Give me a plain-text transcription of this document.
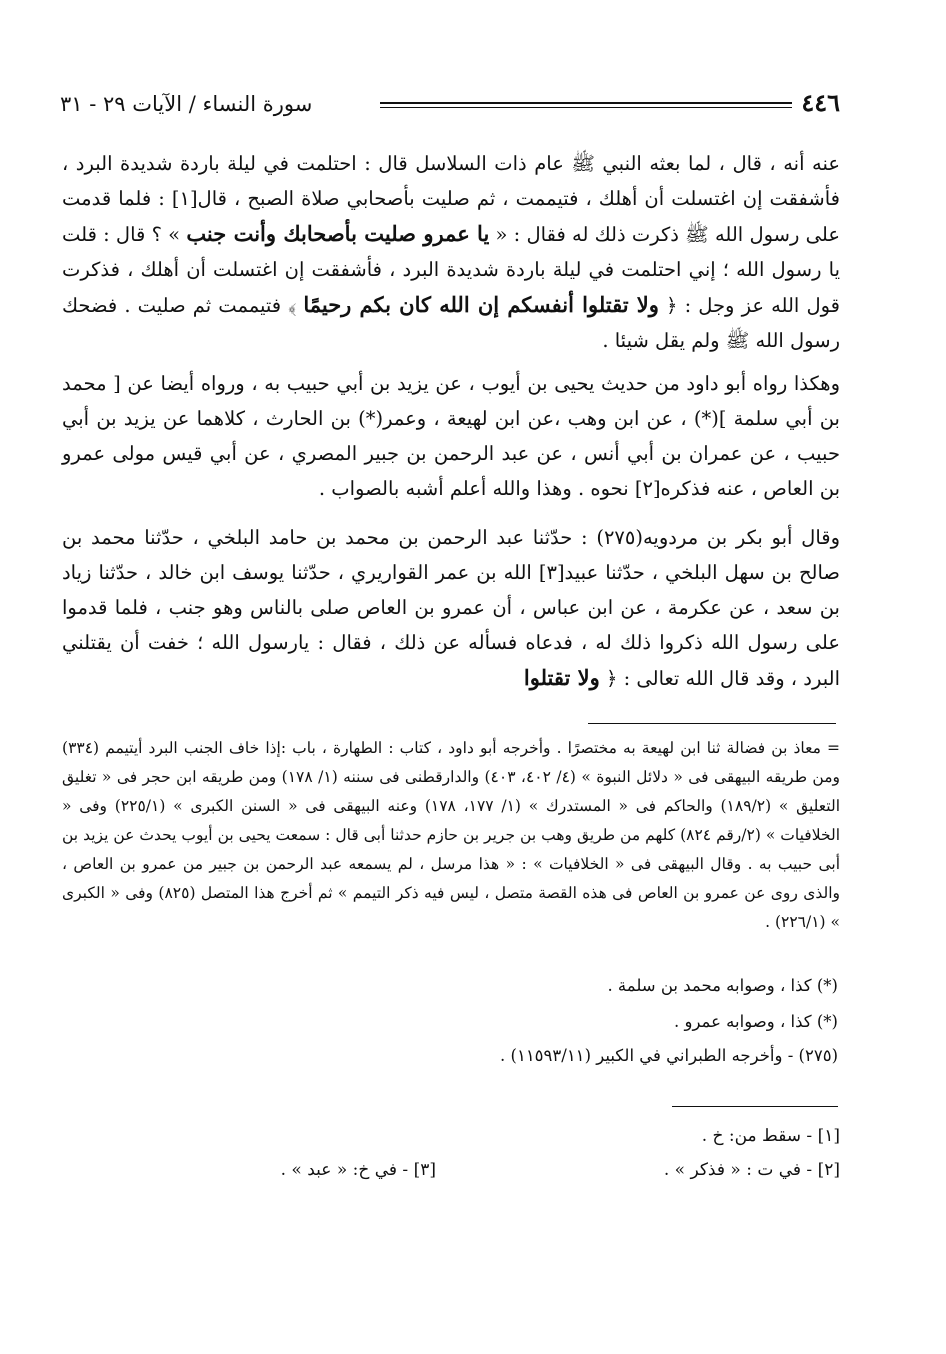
٤٤٦
سورة النساء / الآيات ٢٩ - ٣١

عنه أنه ، قال ، لما بعثه النبي ﷺ عام ذات السلاسل قال : احتلمت في ليلة باردة شديدة البرد ، فأشفقت إن اغتسلت أن أهلك ، فتيممت ، ثم صليت بأصحابي صلاة الصبح ، قال[١] : فلما قدمت على رسول الله ﷺ ذكرت ذلك له فقال : « يا عمرو صليت بأصحابك وأنت جنب » ؟ قال : قلت يا رسول الله ؛ إني احتلمت في ليلة باردة شديدة البرد ، فأشفقت إن اغتسلت أن أهلك ، فذكرت قول الله عز وجل : ﴿ ولا تقتلوا أنفسكم إن الله كان بكم رحيمًا ﴾ فتيممت ثم صليت . فضحك رسول الله ﷺ ولم يقل شيئا .

وهكذا رواه أبو داود من حديث يحيى بن أيوب ، عن يزيد بن أبي حبيب به ، ورواه أيضا عن [ محمد بن أبي سلمة ](*) ، عن ابن وهب ،عن ابن لهيعة ، وعمر(*) بن الحارث ، كلاهما عن يزيد بن أبي حبيب ، عن عمران بن أبي أنس ، عن عبد الرحمن بن جبير المصري ، عن أبي قيس مولى عمرو بن العاص ، عنه فذكره[٢] نحوه . وهذا والله أعلم أشبه بالصواب .

وقال أبو بكر بن مردويه(٢٧٥) : حدّثنا عبد الرحمن بن محمد بن حامد البلخي ، حدّثنا محمد بن صالح بن سهل البلخي ، حدّثنا عبيد[٣] الله بن عمر القواريري ، حدّثنا يوسف ابن خالد ، حدّثنا زياد بن سعد ، عن عكرمة ، عن ابن عباس ، أن عمرو بن العاص صلى بالناس وهو جنب ، فلما قدموا على رسول الله ذكروا ذلك له ، فدعاه فسأله عن ذلك ، فقال : يارسول الله ؛ خفت أن يقتلني البرد ، وقد قال الله تعالى : ﴿ ولا تقتلوا

= معاذ بن فضالة ثنا ابن لهيعة به مختصرًا . وأخرجه أبو داود ، كتاب : الطهارة ، باب :إذا خاف الجنب البرد أيتيمم (٣٣٤) ومن طريقه البيهقى فى « دلائل النبوة » (٤/ ٤٠٢، ٤٠٣) والدارقطنى فى سننه (١/ ١٧٨) ومن طريقه ابن حجر فى « تغليق التعليق » (١٨٩/٢) والحاكم فى « المستدرك » (١/ ١٧٧، ١٧٨) وعنه البيهقى فى « السنن الكبرى » (٢٢٥/١) وفى « الخلافيات » (٢/رقم ٨٢٤) كلهم من طريق وهب بن جرير بن حازم حدثنا أبى قال : سمعت يحيى بن أيوب يحدث عن يزيد بن أبى حبيب به . وقال البيهقى فى « الخلافيات » : « هذا مرسل ، لم يسمعه عبد الرحمن بن جبير من عمرو بن العاص ، والذى روى عن عمرو بن العاص فى هذه القصة متصل ، ليس فيه ذكر التيمم » ثم أخرج هذا المتصل (٨٢٥) وفى « الكبرى » (٢٢٦/١) .
(*) كذا ، وصوابه محمد بن سلمة .
(*) كذا ، وصوابه عمرو .
(٢٧٥) - وأخرجه الطبراني في الكبير (١١٥٩٣/١١) .
[١] - سقط من: خ .
[٢] - في ت : « فذكر » .
[٣] - في خ: « عبد » .
